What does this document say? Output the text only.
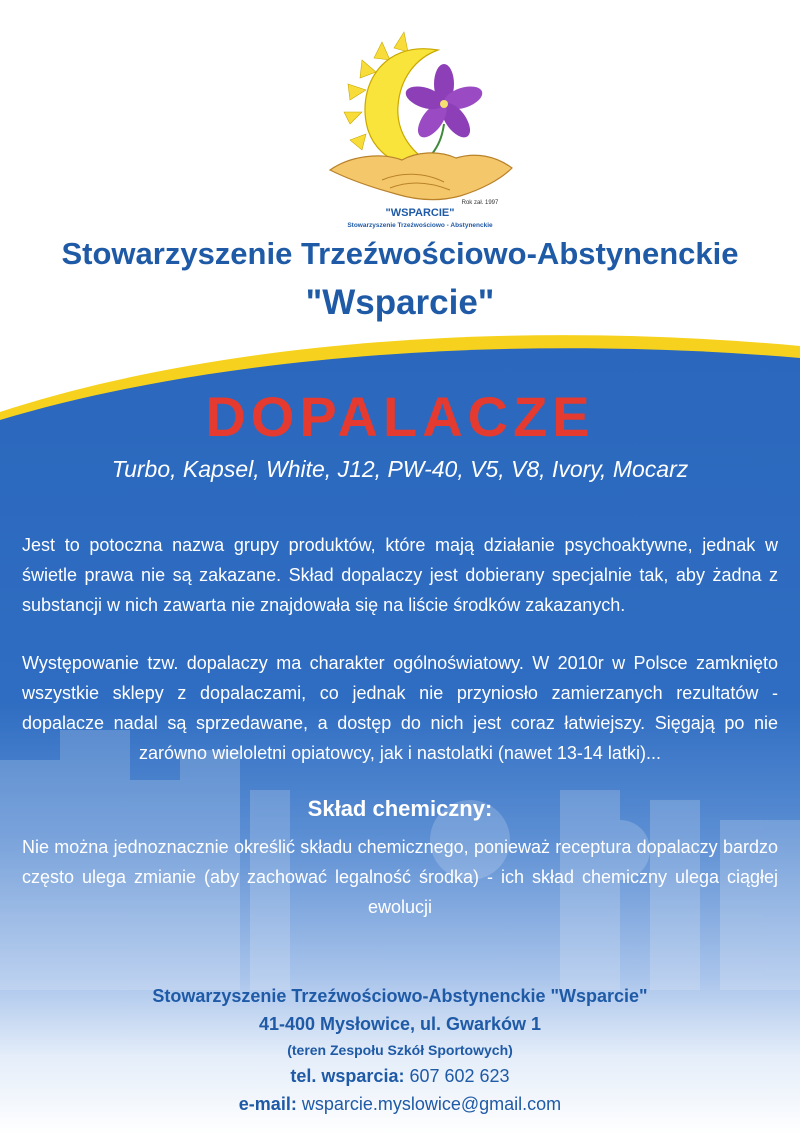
Rok zał. 1997
"WSPARCIE"
Stowarzyszenie Trzeźwościowo - Abstynenckie
Stowarzyszenie Trzeźwościowo-Abstynenckie
"Wsparcie"
DOPALACZE
Turbo, Kapsel, White, J12, PW-40, V5, V8, Ivory, Mocarz

Jest to potoczna nazwa grupy produktów, które mają działanie psychoaktywne, jednak w świetle prawa nie są zakazane. Skład dopalaczy jest dobierany specjalnie tak, aby żadna z substancji w nich zawarta nie znajdowała się na liście środków zakazanych.

Występowanie tzw. dopalaczy ma charakter ogólnoświatowy. W 2010r w Polsce zamknięto wszystkie sklepy z dopalaczami, co jednak nie przyniosło zamierzanych rezultatów - dopalacze nadal są sprzedawane, a dostęp do nich jest coraz łatwiejszy. Sięgają po nie zarówno wieloletni opiatowcy, jak i nastolatki (nawet 13-14 latki)...

Skład chemiczny:

Nie można jednoznacznie określić składu chemicznego, ponieważ receptura dopalaczy bardzo często ulega zmianie (aby zachować legalność środka) - ich skład chemiczny ulega ciągłej ewolucji

Stowarzyszenie Trzeźwościowo-Abstynenckie "Wsparcie"
41-400 Mysłowice, ul. Gwarków 1
(teren Zespołu Szkół Sportowych)
tel. wsparcia: 607 602 623
e-mail: wsparcie.myslowice@gmail.com
